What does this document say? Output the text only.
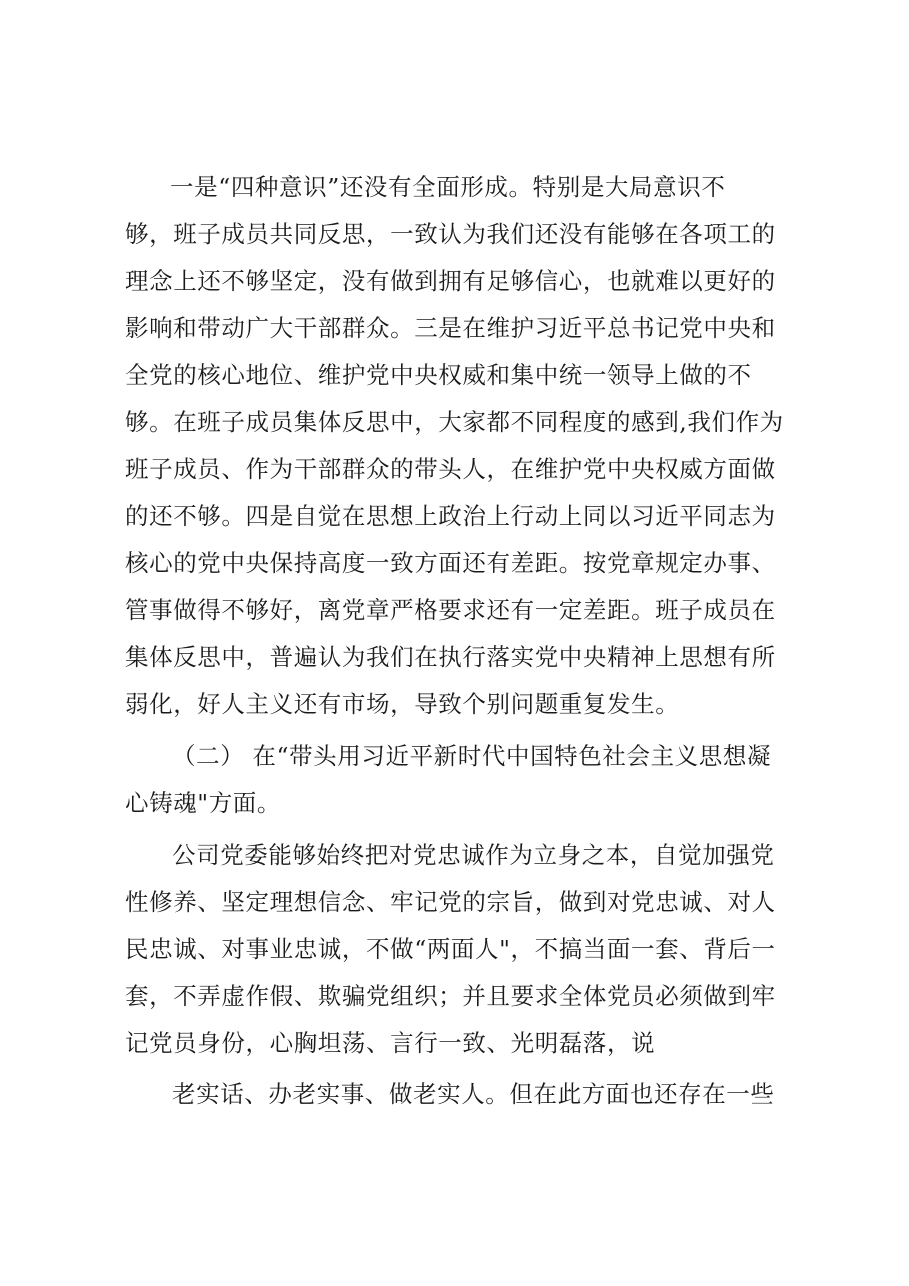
一是“四种意识”还没有全面形成。特别是大局意识不
够，班子成员共同反思，一致认为我们还没有能够在各项工的
理念上还不够坚定，没有做到拥有足够信心，也就难以更好的
影响和带动广大干部群众。三是在维护习近平总书记党中央和
全党的核心地位、维护党中央权威和集中统一领导上做的不
够。在班子成员集体反思中，大家都不同程度的感到,我们作为
班子成员、作为干部群众的带头人，在维护党中央权威方面做
的还不够。四是自觉在思想上政治上行动上同以习近平同志为
核心的党中央保持高度一致方面还有差距。按党章规定办事、
管事做得不够好，离党章严格要求还有一定差距。班子成员在
集体反思中，普遍认为我们在执行落实党中央精神上思想有所
弱化，好人主义还有市场，导致个别问题重复发生。
（二） 在“带头用习近平新时代中国特色社会主义思想凝
心铸魂"方面。
公司党委能够始终把对党忠诚作为立身之本，自觉加强党
性修养、坚定理想信念、牢记党的宗旨，做到对党忠诚、对人
民忠诚、对事业忠诚，不做“两面人"，不搞当面一套、背后一
套，不弄虚作假、欺骗党组织；并且要求全体党员必须做到牢
记党员身份，心胸坦荡、言行一致、光明磊落，说
老实话、办老实事、做老实人。但在此方面也还存在一些
